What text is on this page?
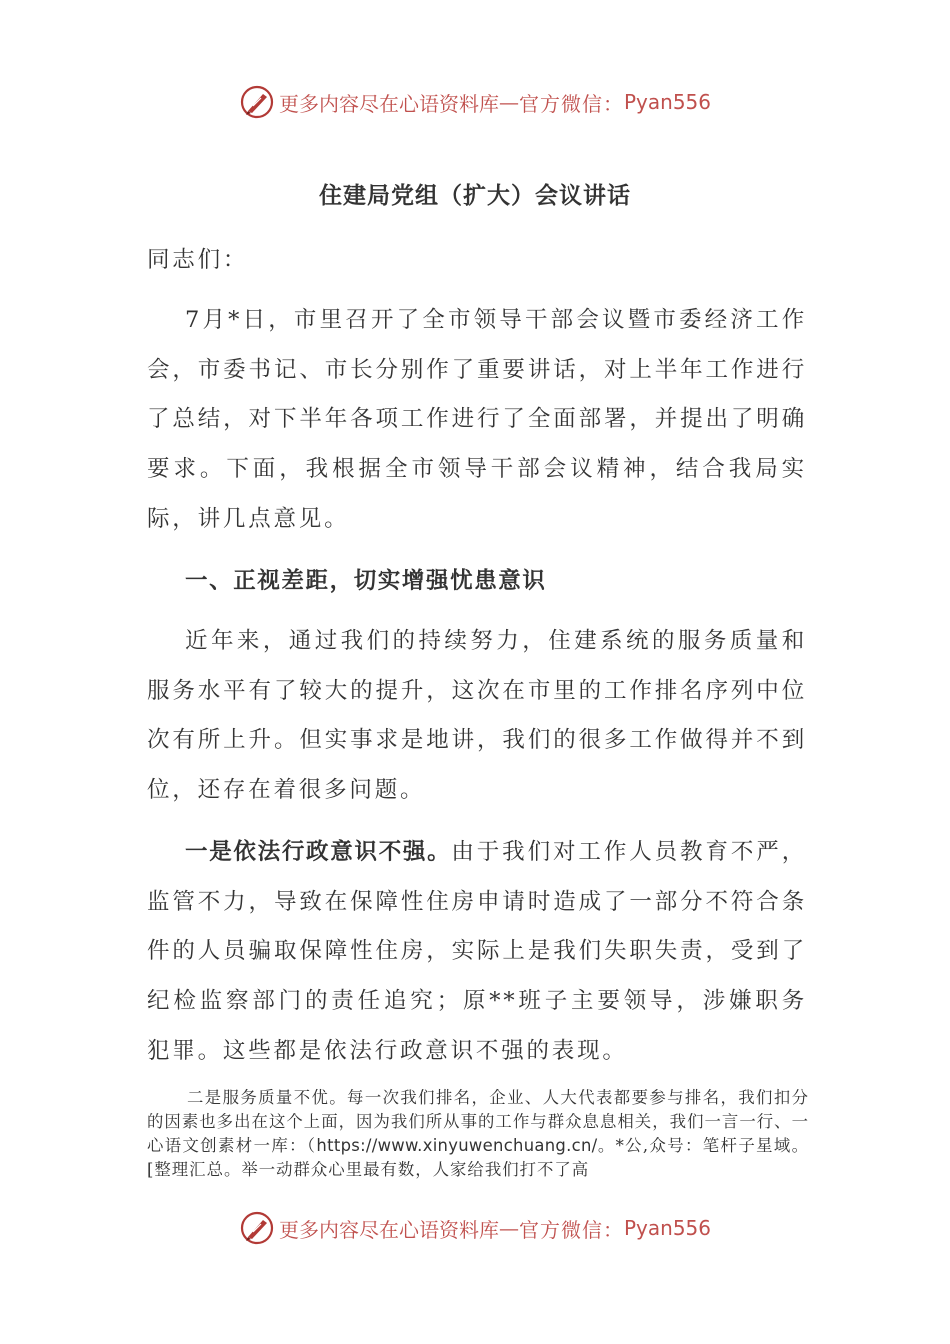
更多内容尽在心语资料库 — 官方微信： Pyan556
住建局党组（扩大）会议讲话

同志们：

7月*日，市里召开了全市领导干部会议暨市委经济工作会，市委书记、市长分别作了重要讲话，对上半年工作进行了总结，对下半年各项工作进行了全面部署，并提出了明确要求。下面，我根据全市领导干部会议精神，结合我局实际，讲几点意见。

一、正视差距，切实增强忧患意识

近年来，通过我们的持续努力，住建系统的服务质量和服务水平有了较大的提升，这次在市里的工作排名序列中位次有所上升。但实事求是地讲，我们的很多工作做得并不到位，还存在着很多问题。

一是依法行政意识不强。由于我们对工作人员教育不严，监管不力，导致在保障性住房申请时造成了一部分不符合条件的人员骗取保障性住房，实际上是我们失职失责，受到了纪检监察部门的责任追究；原**班子主要领导，涉嫌职务犯罪。这些都是依法行政意识不强的表现。

二是服务质量不优。每一次我们排名，企业、人大代表都要参与排名，我们扣分的因素也多出在这个上面，因为我们所从事的工作与群众息息相关，我们一言一行、一心语文创素材一库：（https://www.xinyuwenchuang.cn/。*公,众号：笔杆子星域。[整理汇总。举一动群众心里最有数，人家给我们打不了高

更多内容尽在心语资料库 — 官方微信： Pyan556
